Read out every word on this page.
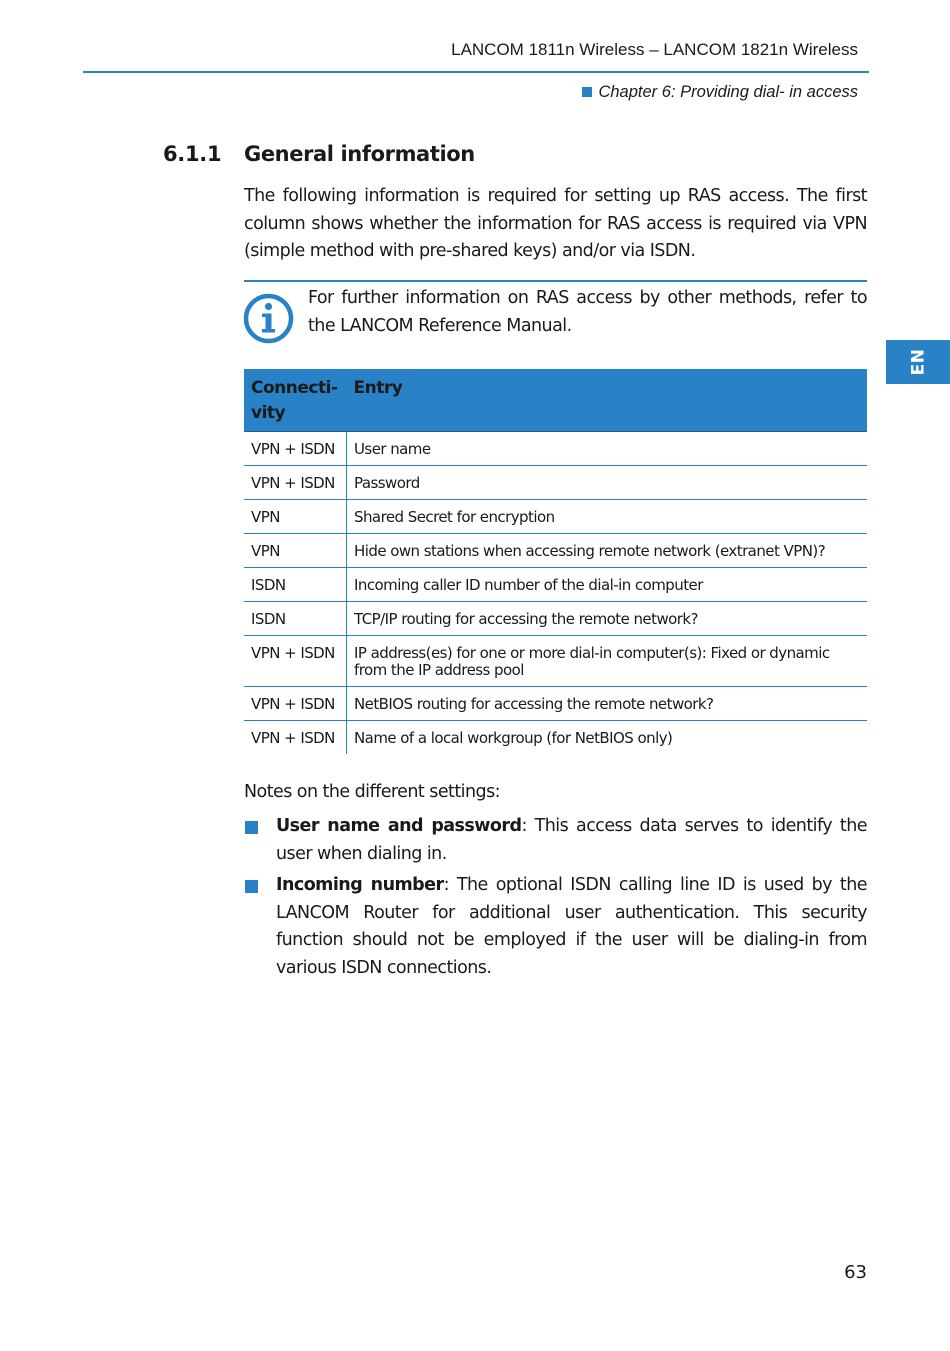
LANCOM 1811n Wireless – LANCOM 1821n Wireless
Chapter 6: Providing dial- in access
EN
6.1.1 General information
The following information is required for setting up RAS access. The first column shows whether the information for RAS access is required via VPN (simple method with pre-shared keys) and/or via ISDN.
For further information on RAS access by other methods, refer to the LANCOM Reference Manual.
Connecti-
vity	Entry
VPN + ISDN	User name
VPN + ISDN	Password
VPN	Shared Secret for encryption
VPN	Hide own stations when accessing remote network (extranet VPN)?
ISDN	Incoming caller ID number of the dial-in computer
ISDN	TCP/IP routing for accessing the remote network?
VPN + ISDN	IP address(es) for one or more dial-in computer(s): Fixed or dynamic from the IP address pool
VPN + ISDN	NetBIOS routing for accessing the remote network?
VPN + ISDN	Name of a local workgroup (for NetBIOS only)
Notes on the different settings:
User name and password: This access data serves to identify the user when dialing in.
Incoming number: The optional ISDN calling line ID is used by the LANCOM Router for additional user authentication. This security function should not be employed if the user will be dialing-in from various ISDN connections.
63
